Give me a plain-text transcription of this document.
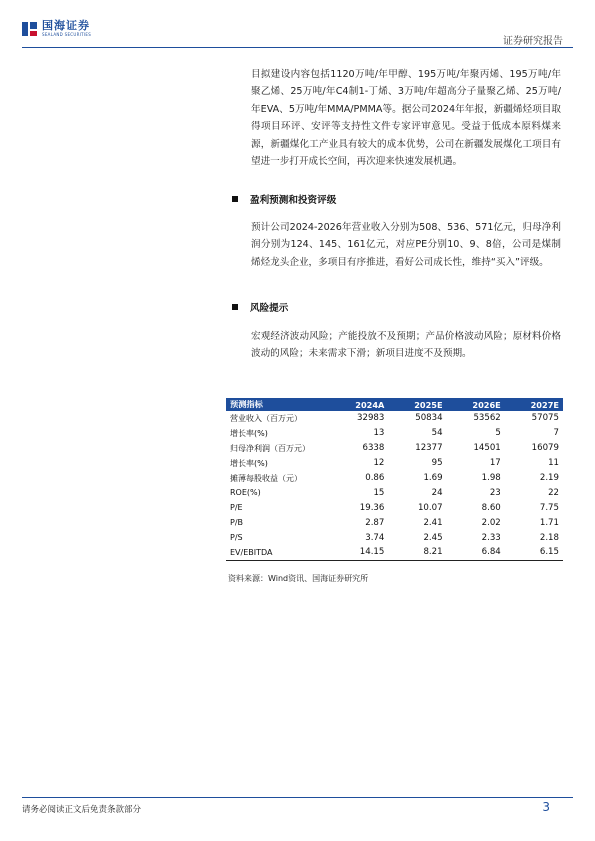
国海证券
SEALAND SECURITIES
证券研究报告
目拟建设内容包括1120万吨/年甲醇、195万吨/年聚丙烯、195万吨/年聚乙烯、25万吨/年C4制1-丁烯、3万吨/年超高分子量聚乙烯、25万吨/年EVA、5万吨/年MMA/PMMA等。据公司2024年年报，新疆烯烃项目取得项目环评、安评等支持性文件专家评审意见。受益于低成本原料煤来源，新疆煤化工产业具有较大的成本优势，公司在新疆发展煤化工项目有望进一步打开成长空间，再次迎来快速发展机遇。
盈利预测和投资评级
预计公司2024-2026年营业收入分别为508、536、571亿元，归母净利润分别为124、145、161亿元，对应PE分别10、9、8倍，公司是煤制烯烃龙头企业，多项目有序推进，看好公司成长性，维持“买入”评级。
风险提示
宏观经济波动风险；产能投放不及预期；产品价格波动风险；原材料价格波动的风险；未来需求下滑；新项目进度不及预期。
预测指标	2024A	2025E	2026E	2027E
营业收入（百万元）	32983	50834	53562	57075
增长率(%)	13	54	5	7
归母净利润（百万元）	6338	12377	14501	16079
增长率(%)	12	95	17	11
摊薄每股收益（元）	0.86	1.69	1.98	2.19
ROE(%)	15	24	23	22
P/E	19.36	10.07	8.60	7.75
P/B	2.87	2.41	2.02	1.71
P/S	3.74	2.45	2.33	2.18
EV/EBITDA	14.15	8.21	6.84	6.15
资料来源：Wind资讯、国海证券研究所
请务必阅读正文后免责条款部分	3
